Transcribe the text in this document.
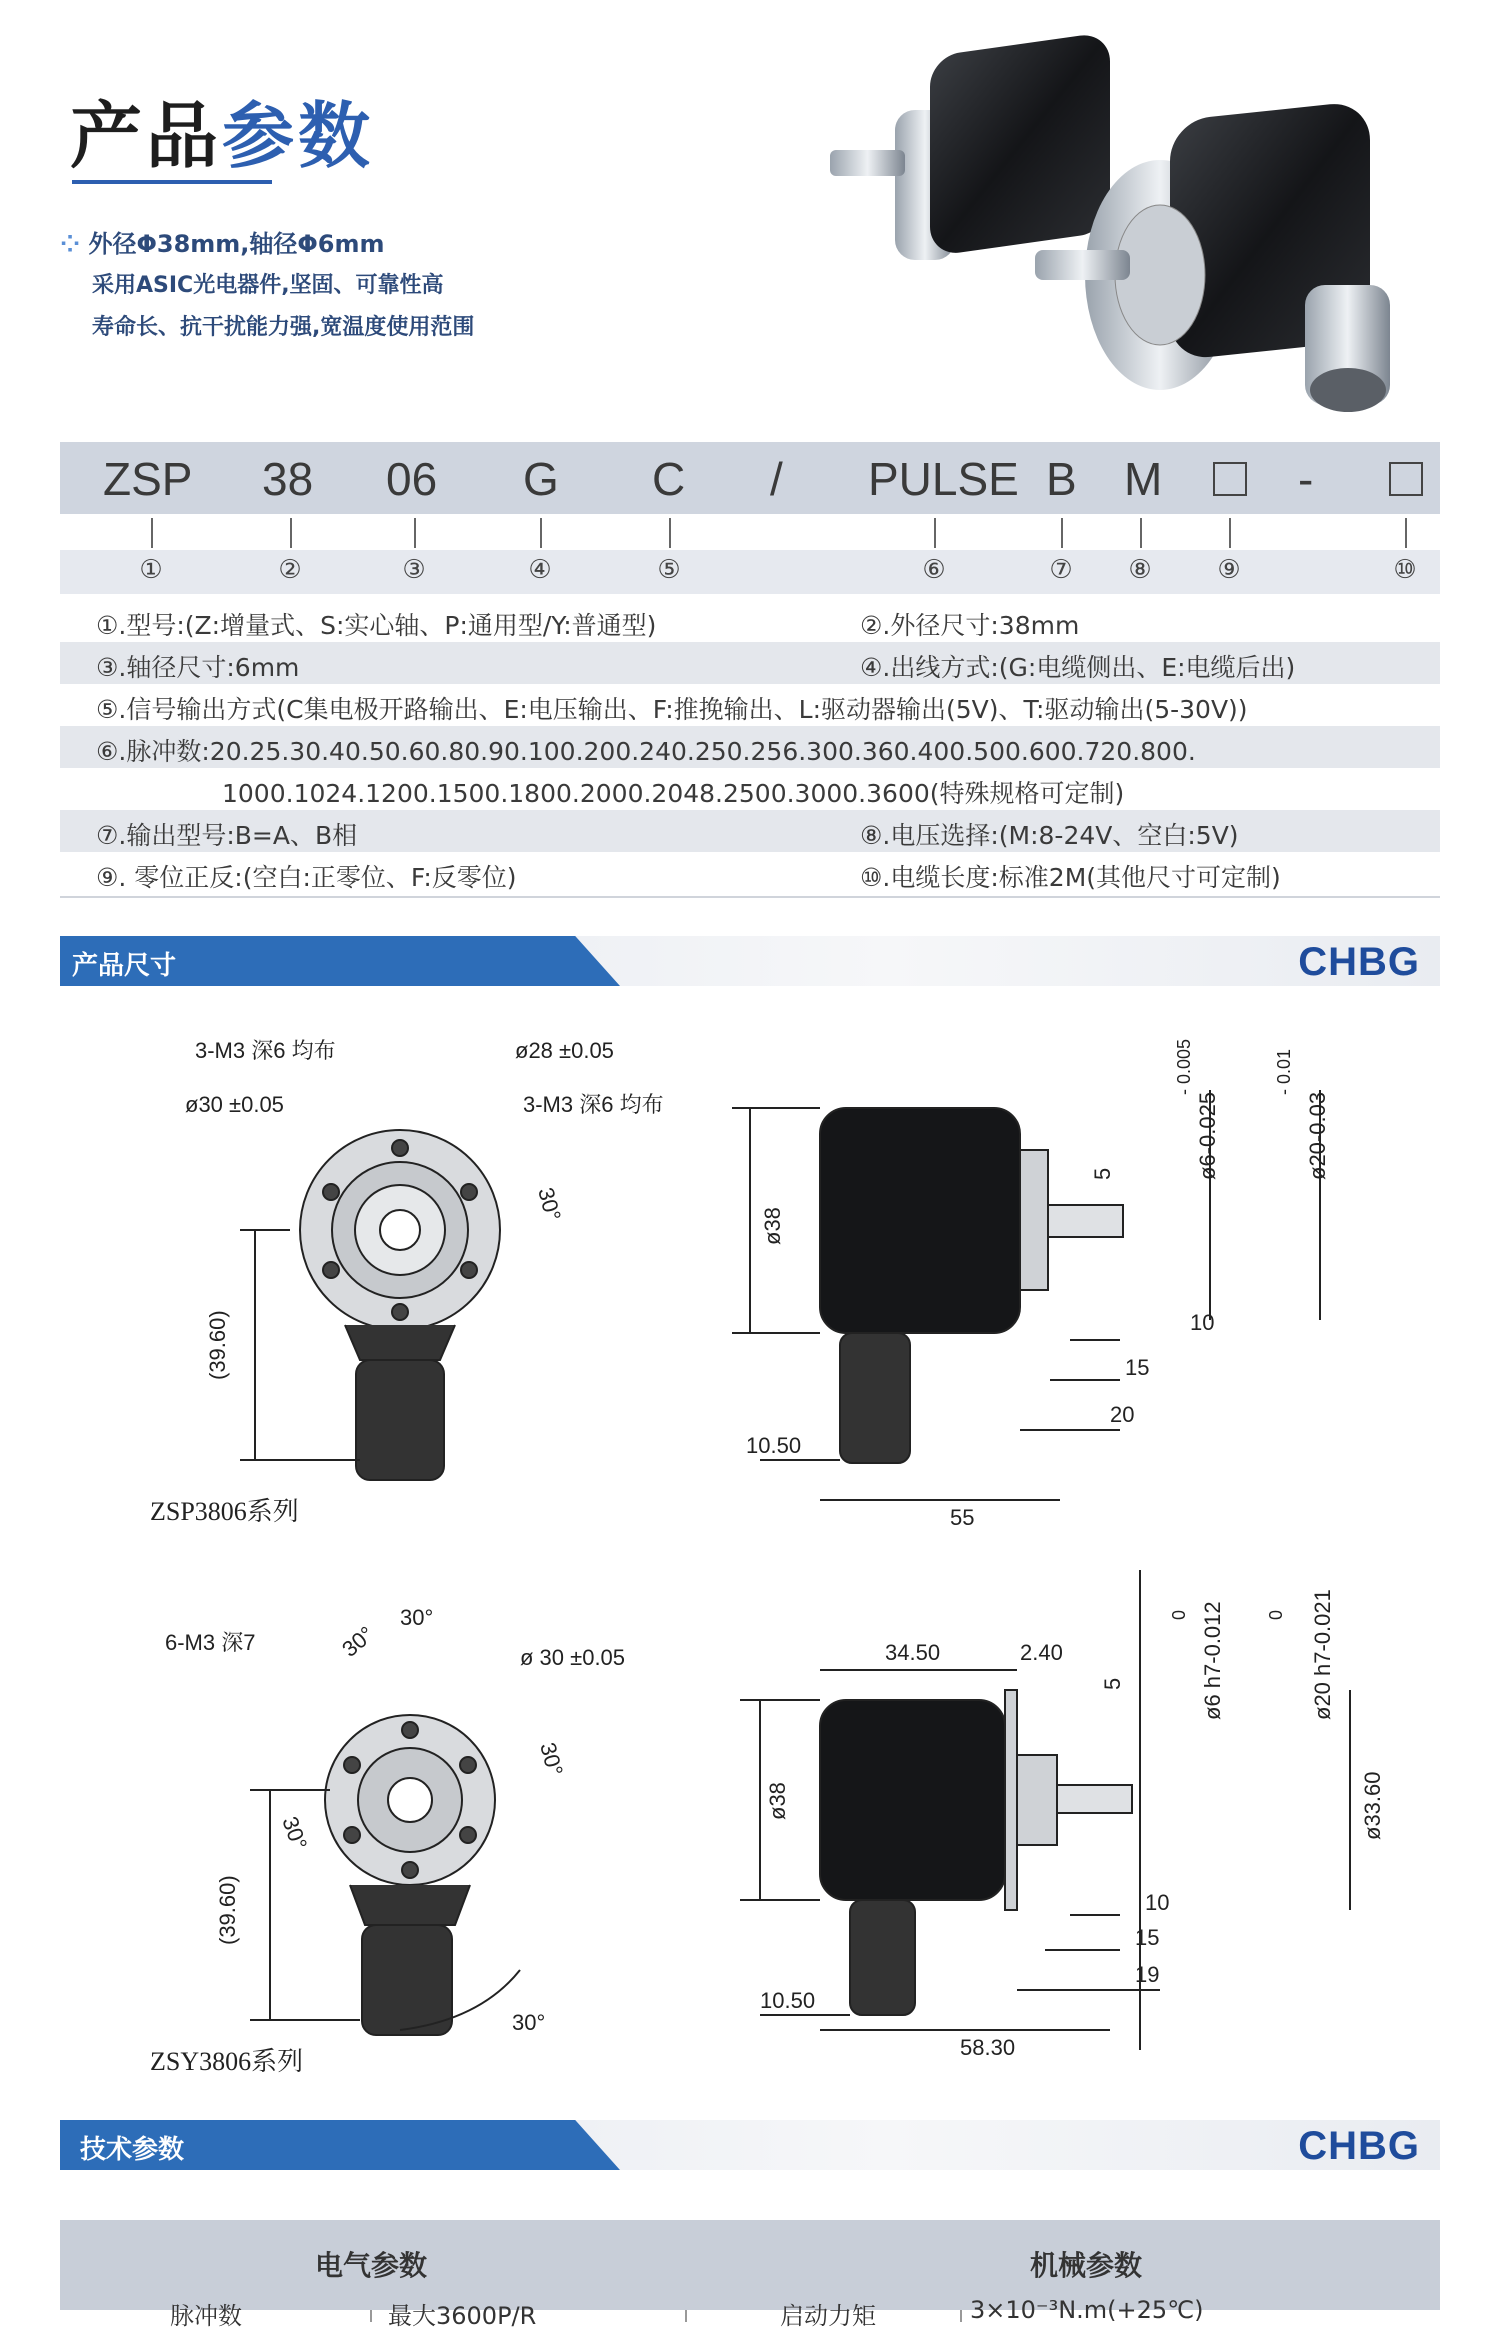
产品参数
⁘ 外径Φ38mm,轴径Φ6mm
采用ASIC光电器件,坚固、可靠性高
寿命长、抗干扰能力强,宽温度使用范围
ZSP 38 06 G C / PULSE B M	-
①	②	③	④	⑤	⑥	⑦	⑧	⑨	⑩
①.型号:(Z:增量式、S:实心轴、P:通用型/Y:普通型)	②.外径尺寸:38mm
③.轴径尺寸:6mm	④.出线方式:(G:电缆侧出、E:电缆后出)
⑤.信号输出方式(C集电极开路输出、E:电压输出、F:推挽输出、L:驱动器输出(5V)、T:驱动输出(5-30V))
⑥.脉冲数:20.25.30.40.50.60.80.90.100.200.240.250.256.300.360.400.500.600.720.800.
1000.1024.1200.1500.1800.2000.2048.2500.3000.3600(特殊规格可定制)
⑦.输出型号:B=A、B相	⑧.电压选择:(M:8-24V、空白:5V)
⑨. 零位正反:(空白:正零位、F:反零位)	⑩.电缆长度:标准2M(其他尺寸可定制)
产品尺寸	CHBG
3-M3 深6 均布	ø28 ±0.05
ø30 ±0.05	3-M3 深6 均布
30°
(39.60)
ZSP3806系列
ø38
5
- 0.005
ø6-0.025
- 0.01
ø20-0.03
10
15
20
10.50
55
6-M3 深7	30°
30°
ø 30 ±0.05
30°
30°
(39.60)
30°
ZSY3806系列
34.50	2.40
0 ø6 h7-0.012 0 ø20 h7-0.021
5
ø38	ø33.60
10
15
19
10.50
58.30
技术参数	CHBG
电气参数	机械参数
脉冲数	最大3600P/R	启动力矩	3×10⁻³N.m(+25℃)
